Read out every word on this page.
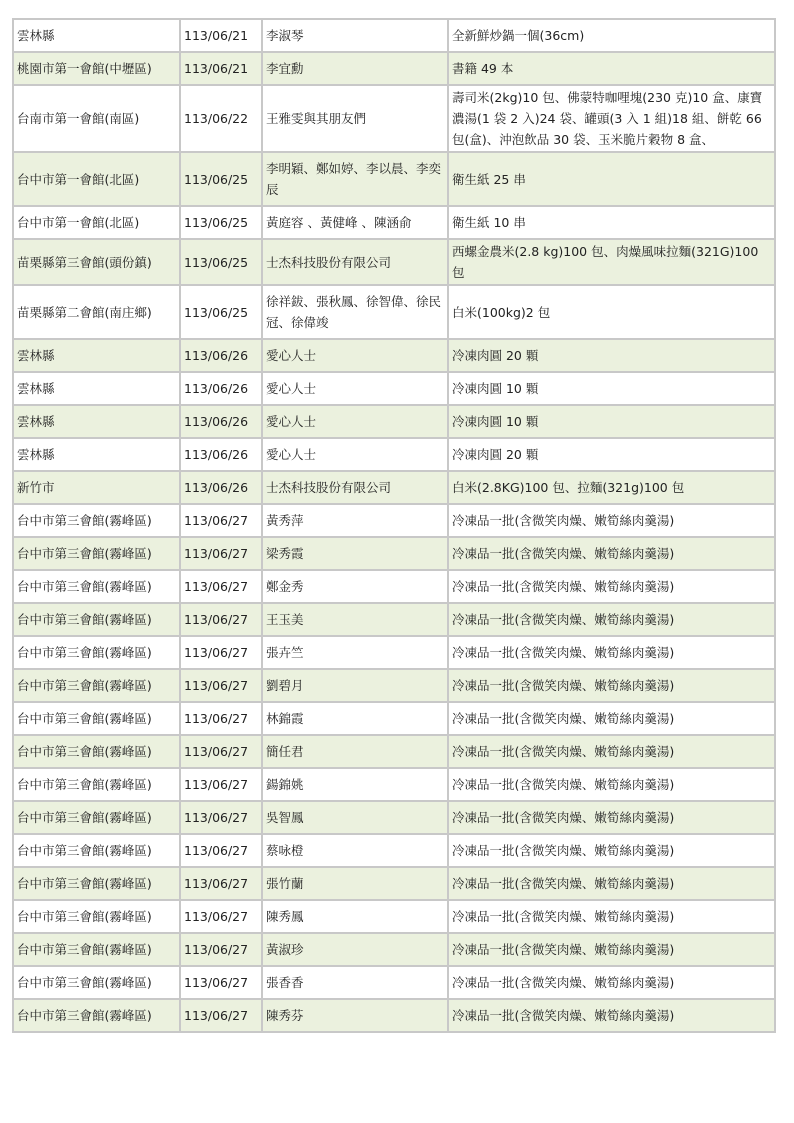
雲林縣	113/06/21	李淑琴	全新鮮炒鍋一個(36cm)
桃園市第一會館(中壢區)	113/06/21	李宜勳	書籍 49 本
台南市第一會館(南區)	113/06/22	王雅雯與其朋友們	壽司米(2kg)10 包、佛蒙特咖哩塊(230 克)10 盒、康寶濃湯(1 袋 2 入)24 袋、罐頭(3 入 1 組)18 組、餅乾 66 包(盒)、沖泡飲品 30 袋、玉米脆片穀物 8 盒、
台中市第一會館(北區)	113/06/25	李明穎、鄭如婷、李以晨、李奕辰	衛生紙 25 串
台中市第一會館(北區)	113/06/25	黃庭容 、黃健峰 、陳涵俞	衛生紙 10 串
苗栗縣第三會館(頭份鎮)	113/06/25	士杰科技股份有限公司	西螺金農米(2.8 kg)100 包、肉燥風味拉麵(321G)100 包
苗栗縣第二會館(南庄鄉)	113/06/25	徐祥鈸、張秋鳳、徐智偉、徐民冠、徐偉竣	白米(100kg)2 包
雲林縣	113/06/26	愛心人士	冷凍肉圓 20 顆
雲林縣	113/06/26	愛心人士	冷凍肉圓 10 顆
雲林縣	113/06/26	愛心人士	冷凍肉圓 10 顆
雲林縣	113/06/26	愛心人士	冷凍肉圓 20 顆
新竹市	113/06/26	士杰科技股份有限公司	白米(2.8KG)100 包、拉麵(321g)100 包
台中市第三會館(霧峰區)	113/06/27	黃秀萍	冷凍品一批(含微笑肉燥、嫩筍絲肉羹湯)
台中市第三會館(霧峰區)	113/06/27	梁秀霞	冷凍品一批(含微笑肉燥、嫩筍絲肉羹湯)
台中市第三會館(霧峰區)	113/06/27	鄭金秀	冷凍品一批(含微笑肉燥、嫩筍絲肉羹湯)
台中市第三會館(霧峰區)	113/06/27	王玉美	冷凍品一批(含微笑肉燥、嫩筍絲肉羹湯)
台中市第三會館(霧峰區)	113/06/27	張卉竺	冷凍品一批(含微笑肉燥、嫩筍絲肉羹湯)
台中市第三會館(霧峰區)	113/06/27	劉碧月	冷凍品一批(含微笑肉燥、嫩筍絲肉羹湯)
台中市第三會館(霧峰區)	113/06/27	林錦霞	冷凍品一批(含微笑肉燥、嫩筍絲肉羹湯)
台中市第三會館(霧峰區)	113/06/27	簡任君	冷凍品一批(含微笑肉燥、嫩筍絲肉羹湯)
台中市第三會館(霧峰區)	113/06/27	鍚錦姚	冷凍品一批(含微笑肉燥、嫩筍絲肉羹湯)
台中市第三會館(霧峰區)	113/06/27	吳智鳳	冷凍品一批(含微笑肉燥、嫩筍絲肉羹湯)
台中市第三會館(霧峰區)	113/06/27	蔡咏橙	冷凍品一批(含微笑肉燥、嫩筍絲肉羹湯)
台中市第三會館(霧峰區)	113/06/27	張竹蘭	冷凍品一批(含微笑肉燥、嫩筍絲肉羹湯)
台中市第三會館(霧峰區)	113/06/27	陳秀鳳	冷凍品一批(含微笑肉燥、嫩筍絲肉羹湯)
台中市第三會館(霧峰區)	113/06/27	黃淑珍	冷凍品一批(含微笑肉燥、嫩筍絲肉羹湯)
台中市第三會館(霧峰區)	113/06/27	張香香	冷凍品一批(含微笑肉燥、嫩筍絲肉羹湯)
台中市第三會館(霧峰區)	113/06/27	陳秀芬	冷凍品一批(含微笑肉燥、嫩筍絲肉羹湯)
